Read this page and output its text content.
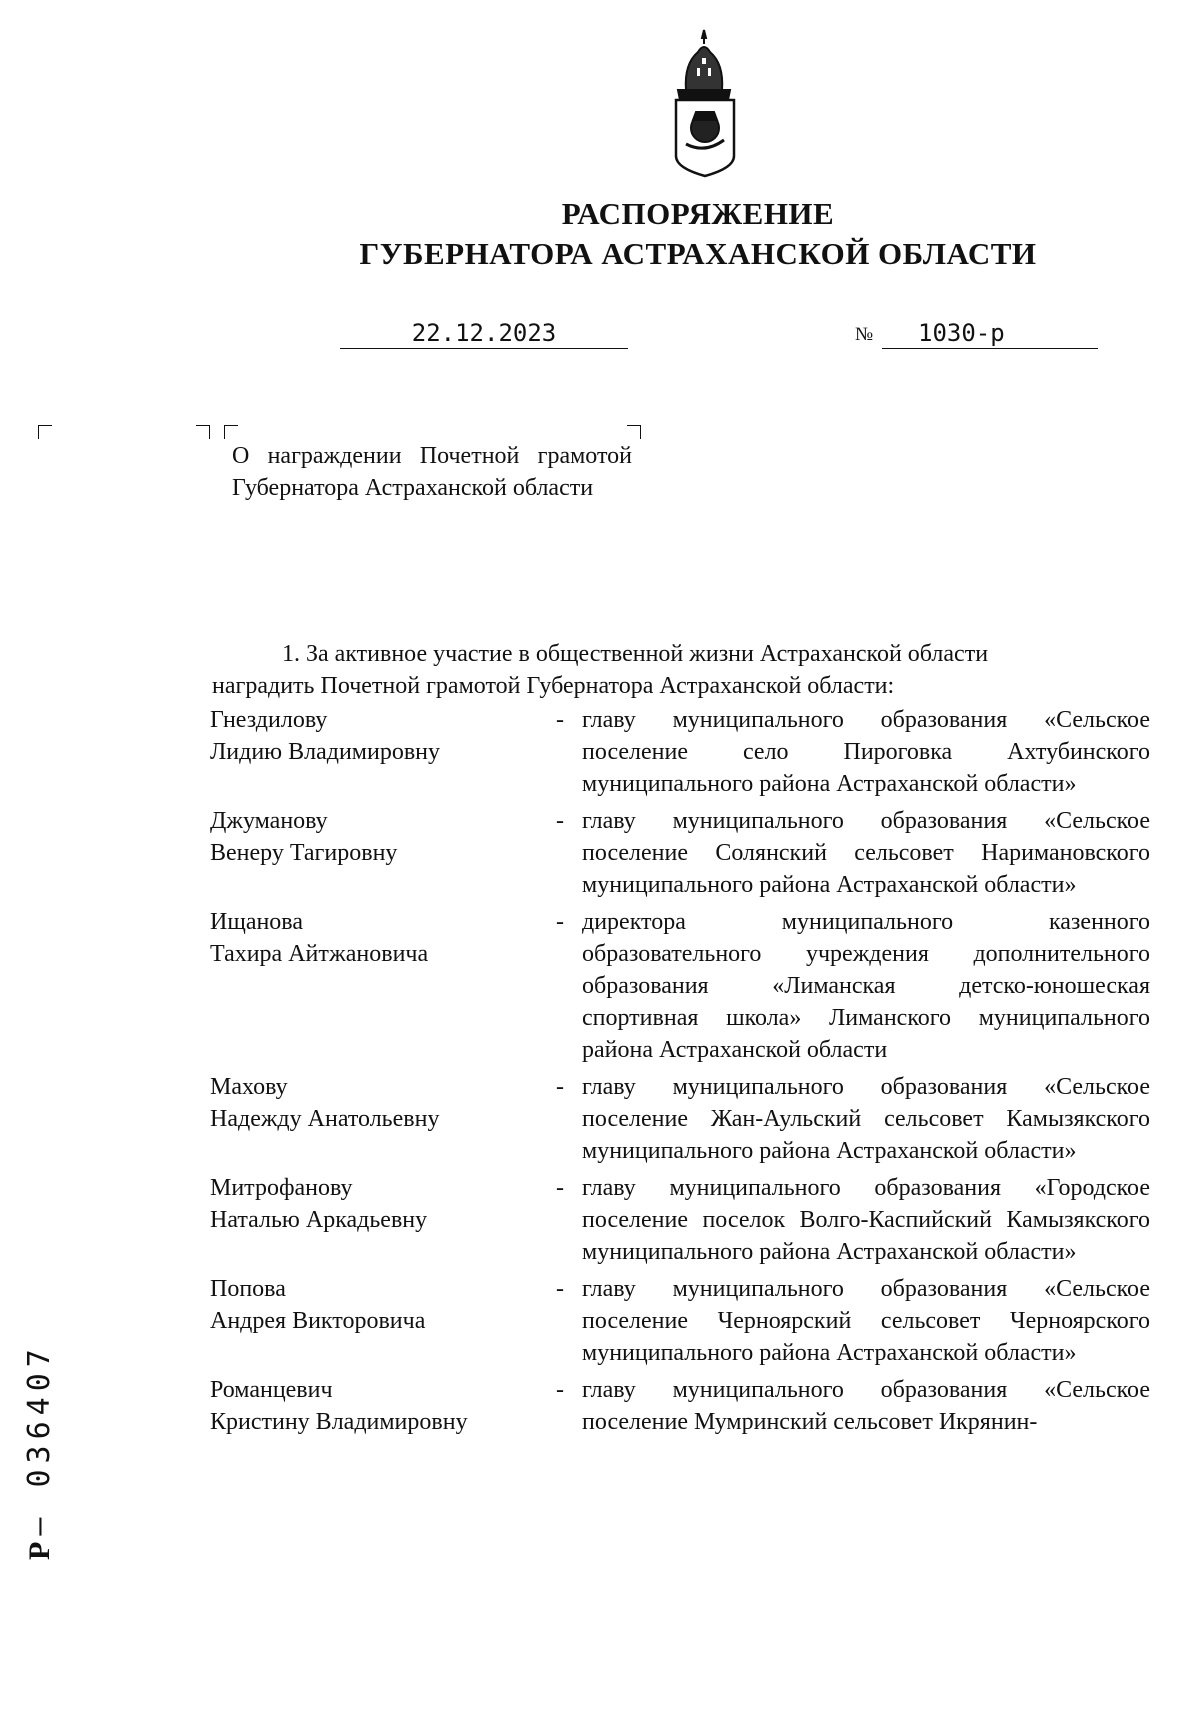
РАСПОРЯЖЕНИЕ
ГУБЕРНАТОРА АСТРАХАНСКОЙ ОБЛАСТИ
22.12.2023	№	1030-р
О награждении Почетной грамотой Губернатора Астраханской области
1. За активное участие в общественной жизни Астраханской области
наградить Почетной грамотой Губернатора Астраханской области:
Гнездилову
Лидию Владимировну
- главу муниципального образования «Сельское поселение село Пироговка Ахтубинского муниципального района Астраханской области»
Джуманову
Венеру Тагировну
- главу муниципального образования «Сельское поселение Солянский сельсовет Наримановского муниципального района Астраханской области»
Ищанова
Тахира Айтжановича
- директора муниципального казенного образовательного учреждения дополнительного образования «Лиманская детско-юношеская спортивная школа» Лиманского муниципального района Астраханской области
Махову
Надежду Анатольевну
- главу муниципального образования «Сельское поселение Жан-Аульский сельсовет Камызякского муниципального района Астраханской области»
Митрофанову
Наталью Аркадьевну
- главу муниципального образования «Городское поселение поселок Волго-Каспийский Камызякского муниципального района Астраханской области»
Попова
Андрея Викторовича
- главу муниципального образования «Сельское поселение Черноярский сельсовет Черноярского муниципального района Астраханской области»
Романцевич
Кристину Владимировну
- главу муниципального образования «Сельское поселение Мумринский сельсовет Икрянин-
Р– 036407
